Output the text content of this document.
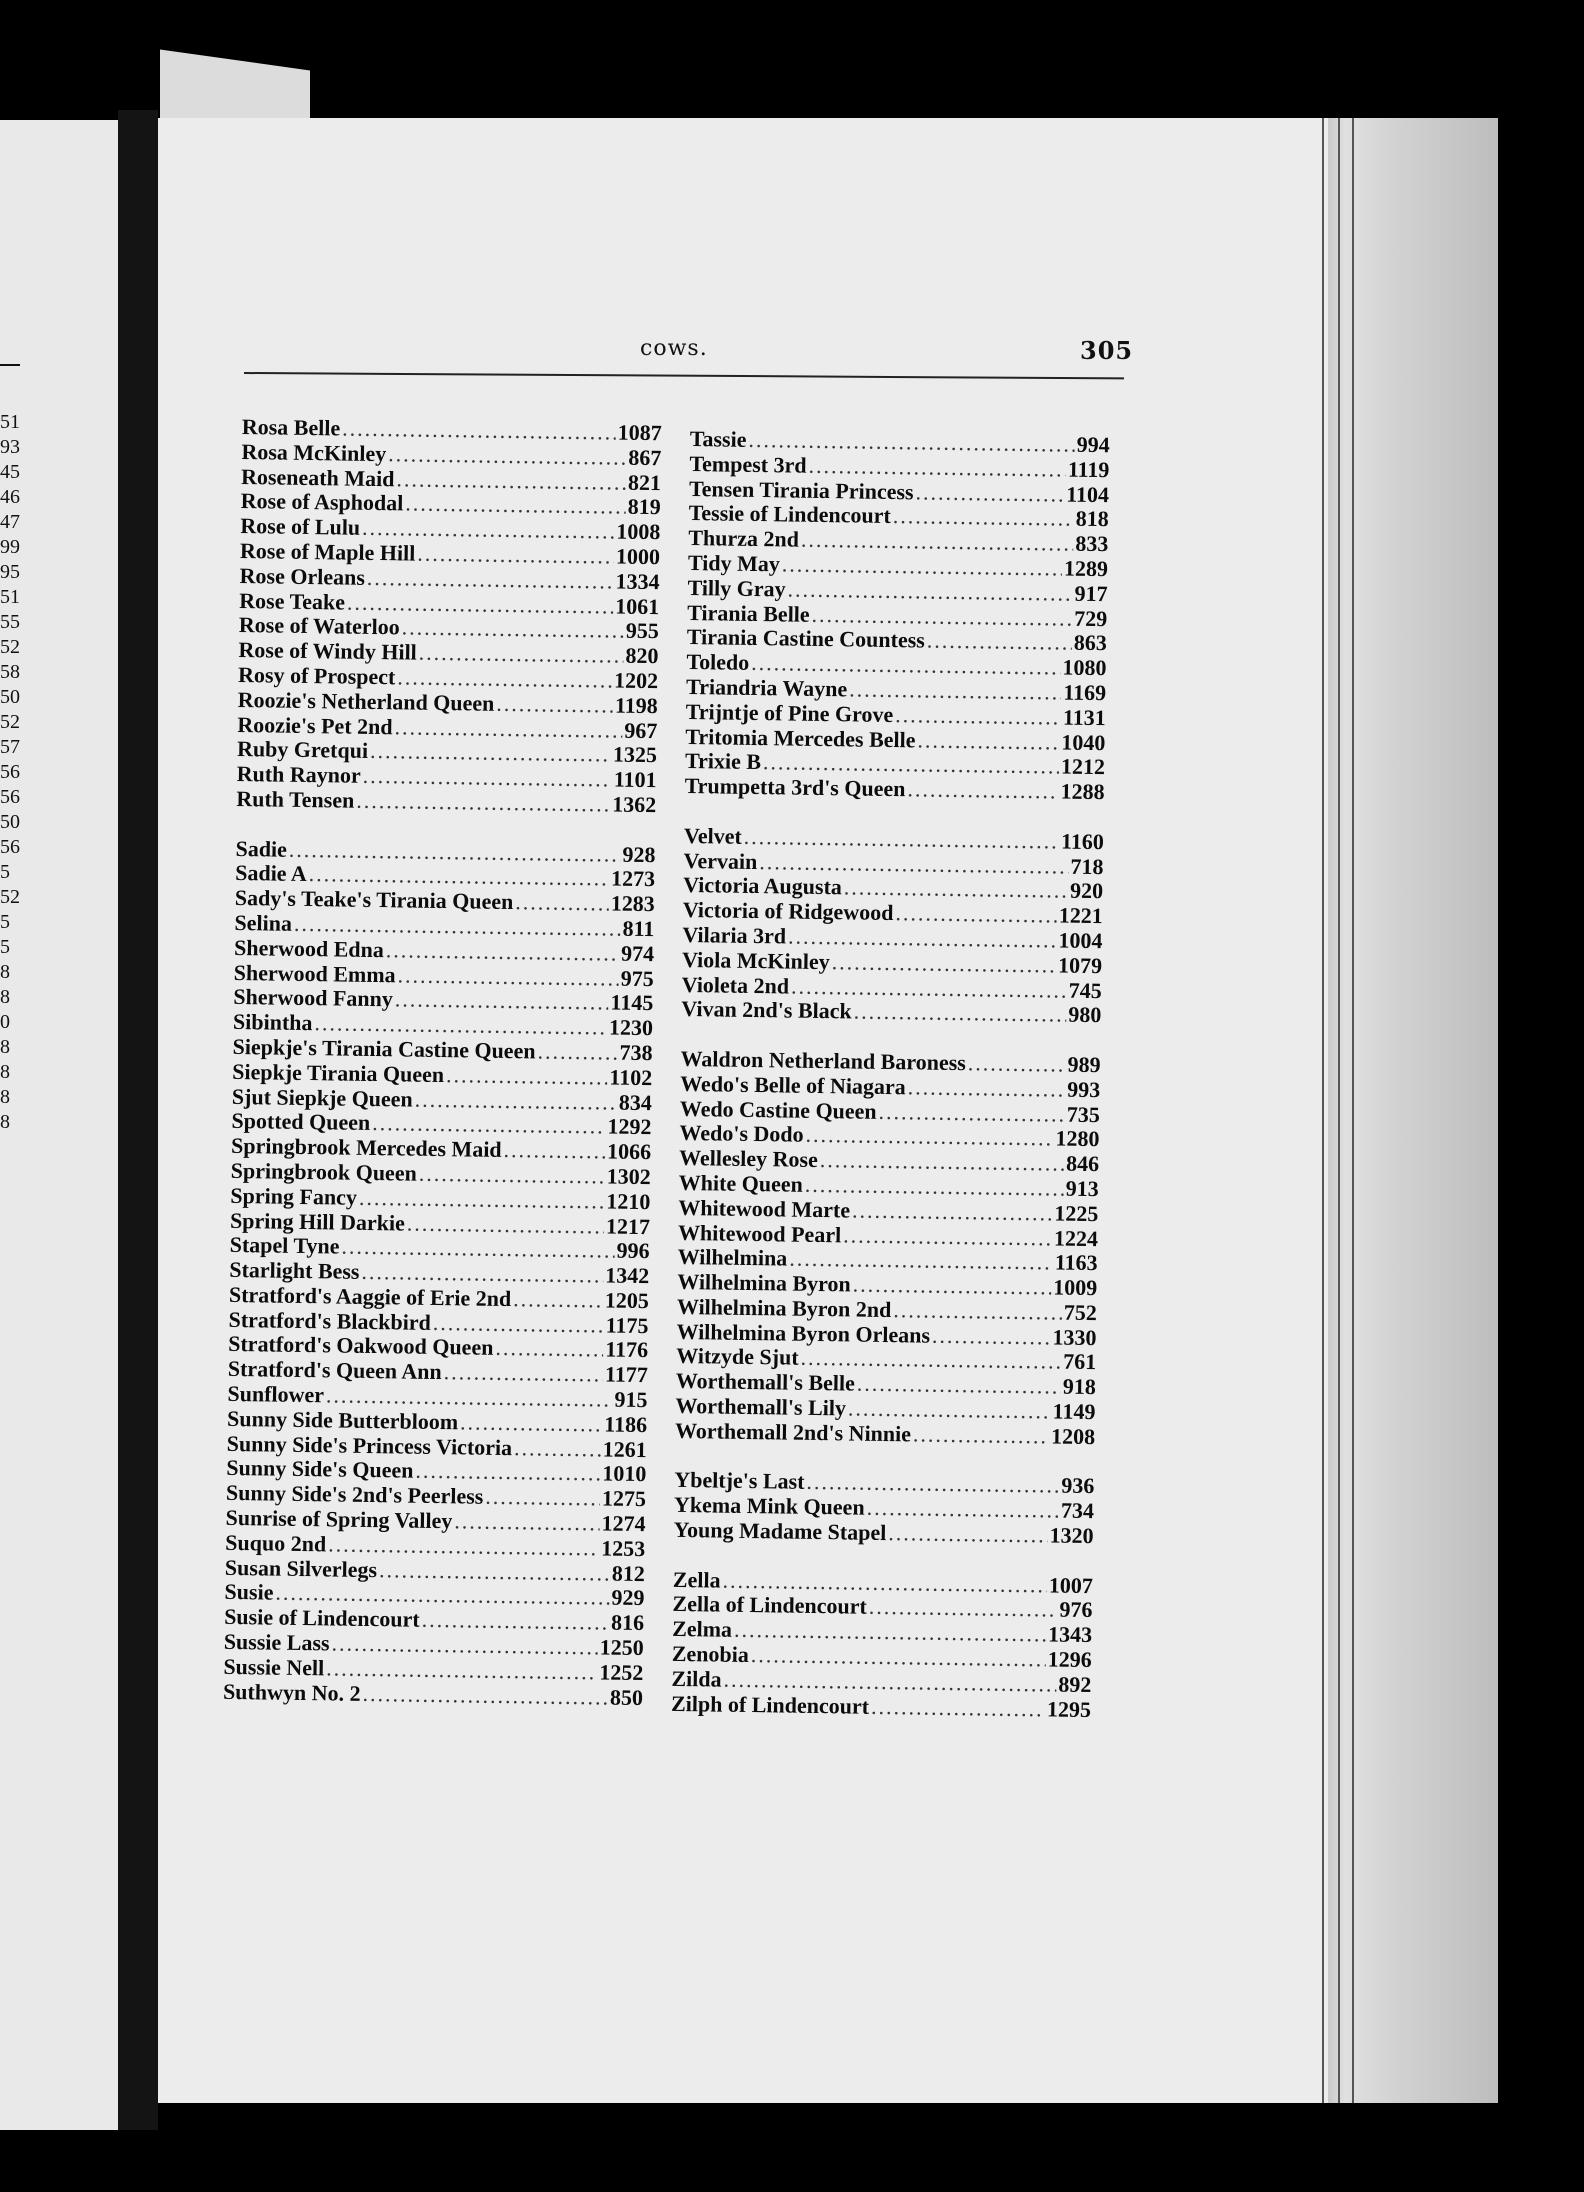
51
93
45
46
47
99
95
51
55
52
58
50
52
57
56
56
50
56
5
52
5
5
8
8
0
8
8
8
8
cows.	305
Rosa Belle .....	1087
Rosa McKinley .....	867
Roseneath Maid .....	821
Rose of Asphodal .....	819
Rose of Lulu .....	1008
Rose of Maple Hill .....	1000
Rose Orleans .....	1334
Rose Teake .....	1061
Rose of Waterloo .....	955
Rose of Windy Hill .....	820
Rosy of Prospect .....	1202
Roozie's Netherland Queen .....	1198
Roozie's Pet 2nd .....	967
Ruby Gretqui .....	1325
Ruth Raynor .....	1101
Ruth Tensen .....	1362
Sadie .....	928
Sadie A .....	1273
Sady's Teake's Tirania Queen .....	1283
Selina .....	811
Sherwood Edna .....	974
Sherwood Emma .....	975
Sherwood Fanny .....	1145
Sibintha .....	1230
Siepkje's Tirania Castine Queen .....	738
Siepkje Tirania Queen .....	1102
Sjut Siepkje Queen .....	834
Spotted Queen .....	1292
Springbrook Mercedes Maid .....	1066
Springbrook Queen .....	1302
Spring Fancy .....	1210
Spring Hill Darkie .....	1217
Stapel Tyne .....	996
Starlight Bess .....	1342
Stratford's Aaggie of Erie 2nd .....	1205
Stratford's Blackbird .....	1175
Stratford's Oakwood Queen .....	1176
Stratford's Queen Ann .....	1177
Sunflower .....	915
Sunny Side Butterbloom .....	1186
Sunny Side's Princess Victoria .....	1261
Sunny Side's Queen .....	1010
Sunny Side's 2nd's Peerless .....	1275
Sunrise of Spring Valley .....	1274
Suquo 2nd .....	1253
Susan Silverlegs .....	812
Susie .....	929
Susie of Lindencourt .....	816
Sussie Lass .....	1250
Sussie Nell .....	1252
Suthwyn No. 2 .....	850
Tassie .....	994
Tempest 3rd .....	1119
Tensen Tirania Princess .....	1104
Tessie of Lindencourt .....	818
Thurza 2nd .....	833
Tidy May .....	1289
Tilly Gray .....	917
Tirania Belle .....	729
Tirania Castine Countess .....	863
Toledo .....	1080
Triandria Wayne .....	1169
Trijntje of Pine Grove .....	1131
Tritomia Mercedes Belle .....	1040
Trixie B .....	1212
Trumpetta 3rd's Queen .....	1288
Velvet .....	1160
Vervain .....	718
Victoria Augusta .....	920
Victoria of Ridgewood .....	1221
Vilaria 3rd .....	1004
Viola McKinley .....	1079
Violeta 2nd .....	745
Vivan 2nd's Black .....	980
Waldron Netherland Baroness .....	989
Wedo's Belle of Niagara .....	993
Wedo Castine Queen .....	735
Wedo's Dodo .....	1280
Wellesley Rose .....	846
White Queen .....	913
Whitewood Marte .....	1225
Whitewood Pearl .....	1224
Wilhelmina .....	1163
Wilhelmina Byron .....	1009
Wilhelmina Byron 2nd .....	752
Wilhelmina Byron Orleans .....	1330
Witzyde Sjut .....	761
Worthemall's Belle .....	918
Worthemall's Lily .....	1149
Worthemall 2nd's Ninnie .....	1208
Ybeltje's Last .....	936
Ykema Mink Queen .....	734
Young Madame Stapel .....	1320
Zella .....	1007
Zella of Lindencourt .....	976
Zelma .....	1343
Zenobia .....	1296
Zilda .....	892
Zilph of Lindencourt .....	1295
